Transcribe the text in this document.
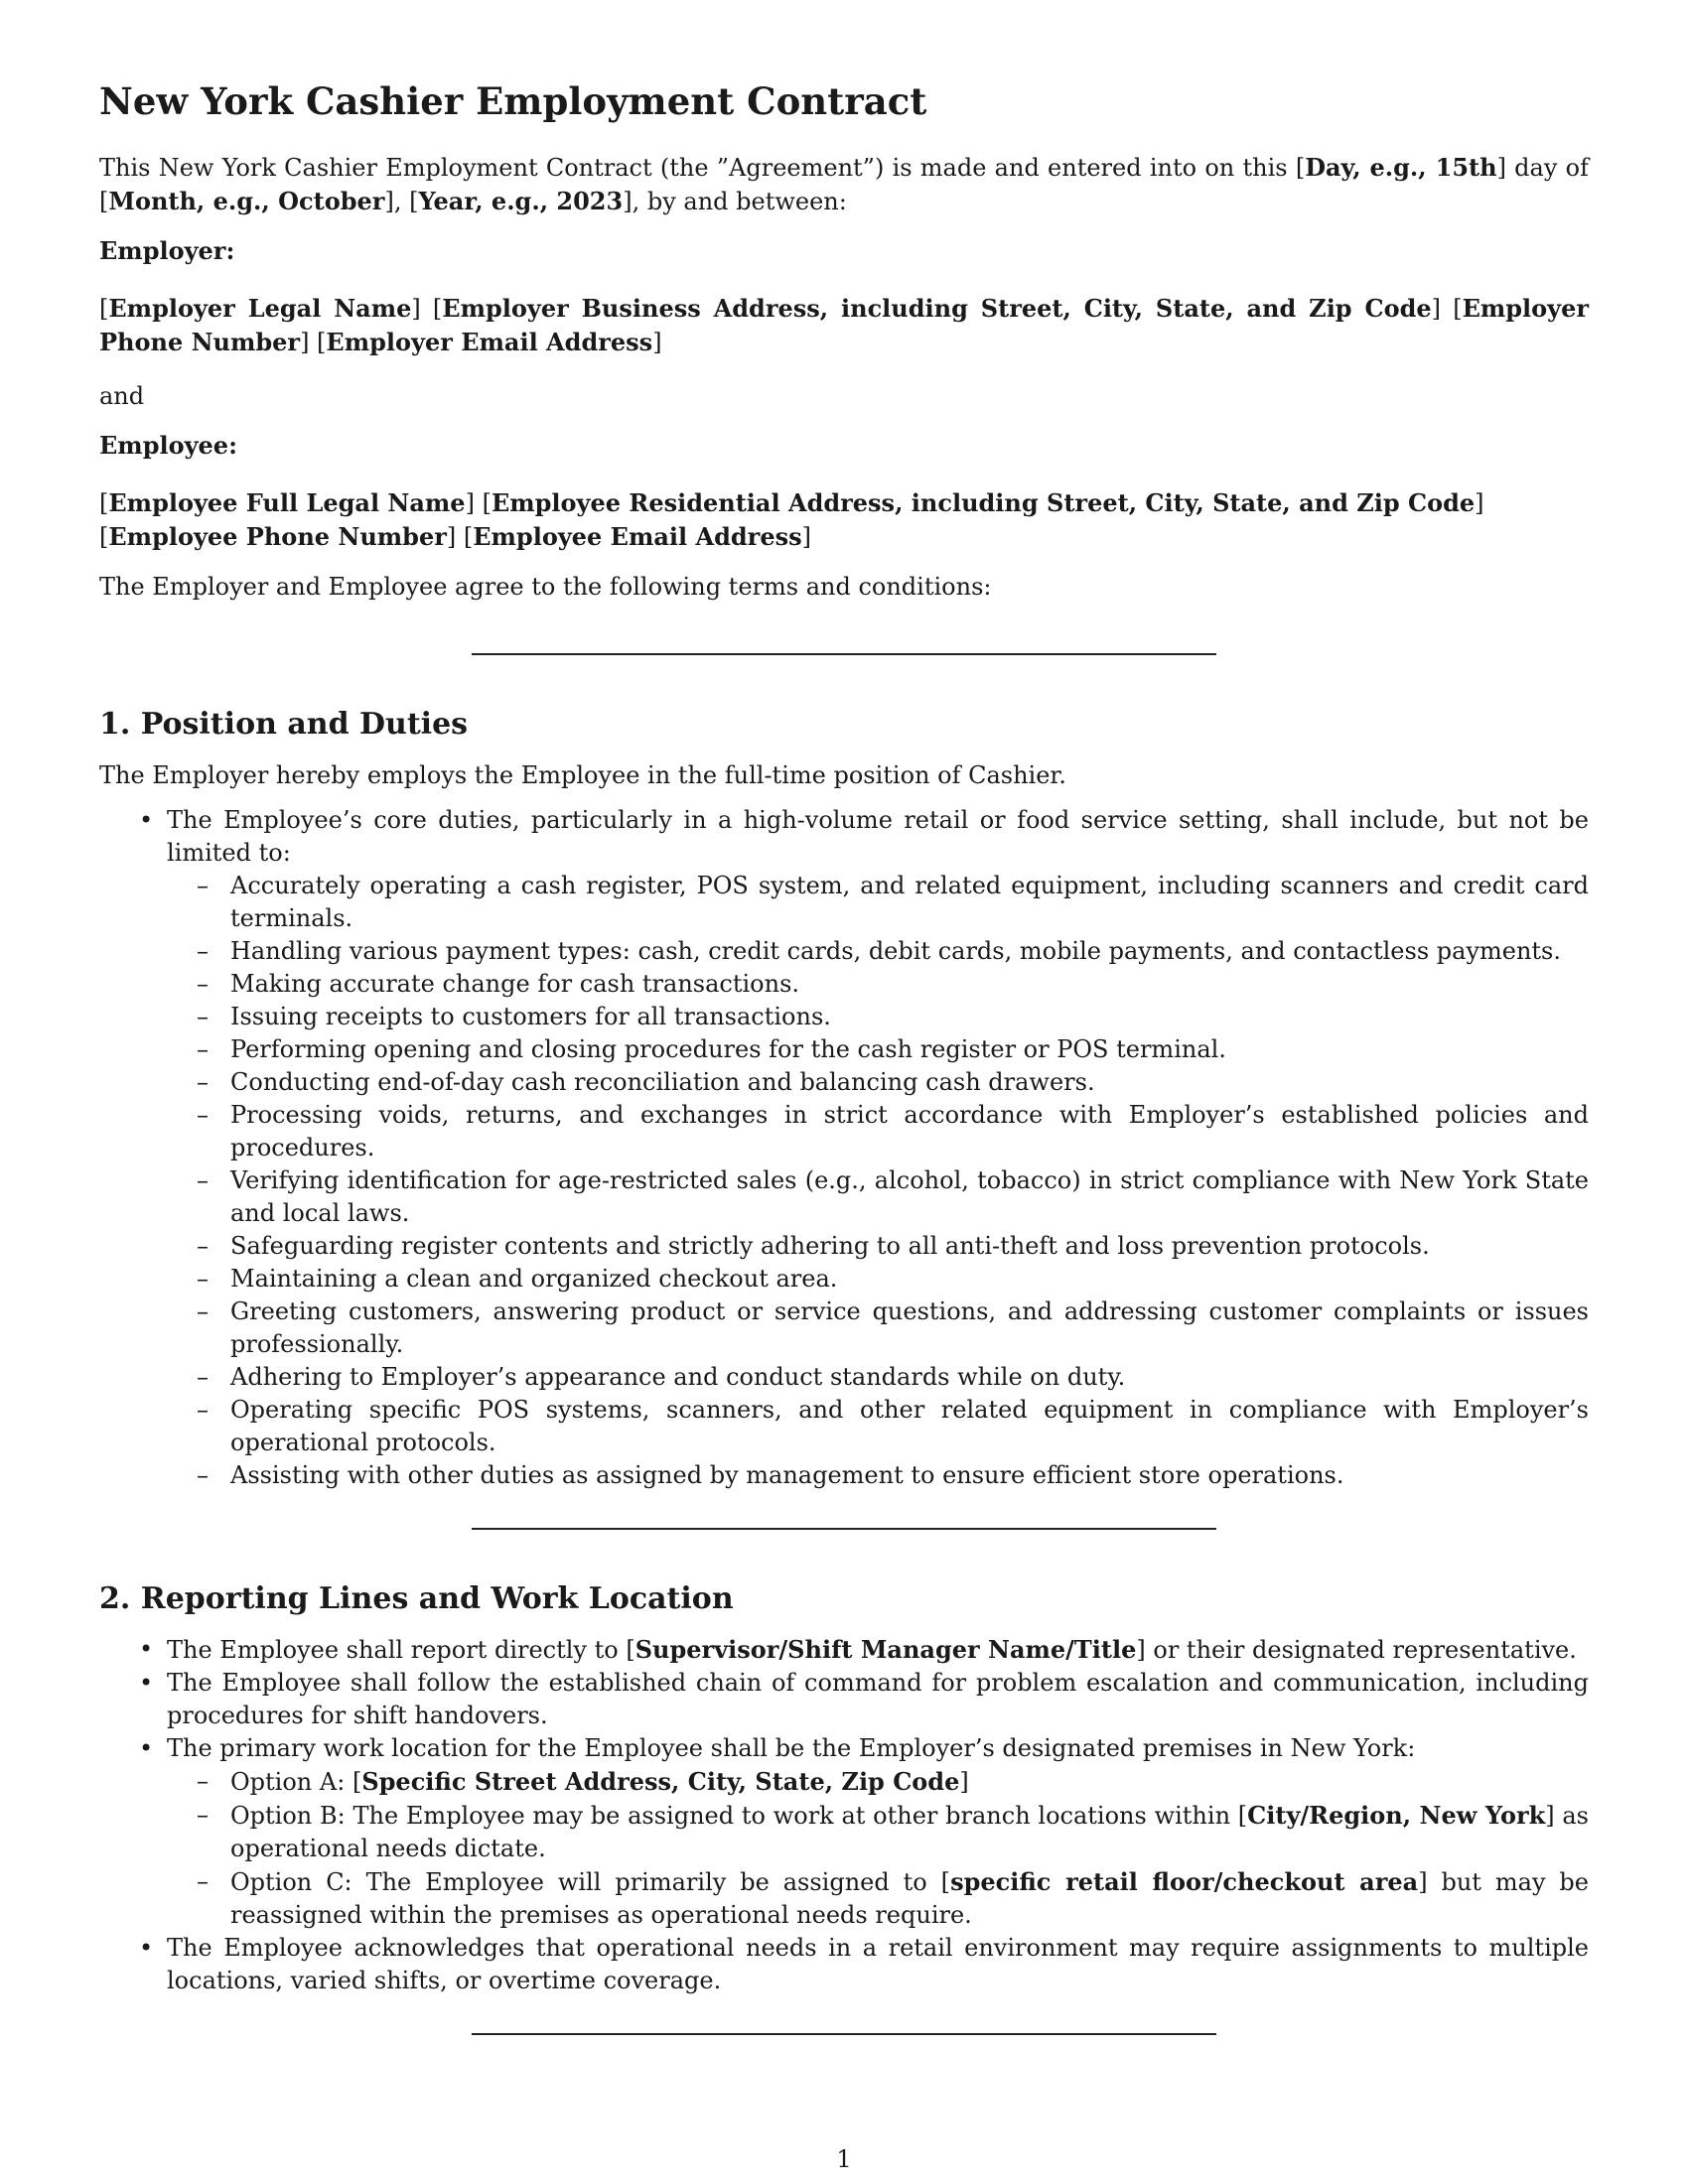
New York Cashier Employment Contract

This New York Cashier Employment Contract (the ”Agreement”) is made and entered into on this [Day, e.g., 15th] day of [Month, e.g., October], [Year, e.g., 2023], by and between:

Employer:

[Employer Legal Name] [Employer Business Address, including Street, City, State, and Zip Code] [Employer Phone Number] [Employer Email Address]

and

Employee:

[Employee Full Legal Name] [Employee Residential Address, including Street, City, State, and Zip Code]
[Employee Phone Number] [Employee Email Address]

The Employer and Employee agree to the following terms and conditions:

1. Position and Duties

The Employer hereby employs the Employee in the full-time position of Cashier.

• The Employee’s core duties, particularly in a high-volume retail or food service setting, shall include, but not be limited to:
– Accurately operating a cash register, POS system, and related equipment, including scanners and credit card terminals.
– Handling various payment types: cash, credit cards, debit cards, mobile payments, and contactless payments.
– Making accurate change for cash transactions.
– Issuing receipts to customers for all transactions.
– Performing opening and closing procedures for the cash register or POS terminal.
– Conducting end-of-day cash reconciliation and balancing cash drawers.
– Processing voids, returns, and exchanges in strict accordance with Employer’s established policies and procedures.
– Verifying identification for age-restricted sales (e.g., alcohol, tobacco) in strict compliance with New York State and local laws.
– Safeguarding register contents and strictly adhering to all anti-theft and loss prevention protocols.
– Maintaining a clean and organized checkout area.
– Greeting customers, answering product or service questions, and addressing customer complaints or issues professionally.
– Adhering to Employer’s appearance and conduct standards while on duty.
– Operating specific POS systems, scanners, and other related equipment in compliance with Employer’s operational protocols.
– Assisting with other duties as assigned by management to ensure efficient store operations.
2. Reporting Lines and Work Location
• The Employee shall report directly to [Supervisor/Shift Manager Name/Title] or their designated representative.
• The Employee shall follow the established chain of command for problem escalation and communication, including procedures for shift handovers.
• The primary work location for the Employee shall be the Employer’s designated premises in New York:
– Option A: [Specific Street Address, City, State, Zip Code]
– Option B: The Employee may be assigned to work at other branch locations within [City/Region, New York] as operational needs dictate.
– Option C: The Employee will primarily be assigned to [specific retail floor/checkout area] but may be reassigned within the premises as operational needs require.
• The Employee acknowledges that operational needs in a retail environment may require assignments to multiple locations, varied shifts, or overtime coverage.
1
